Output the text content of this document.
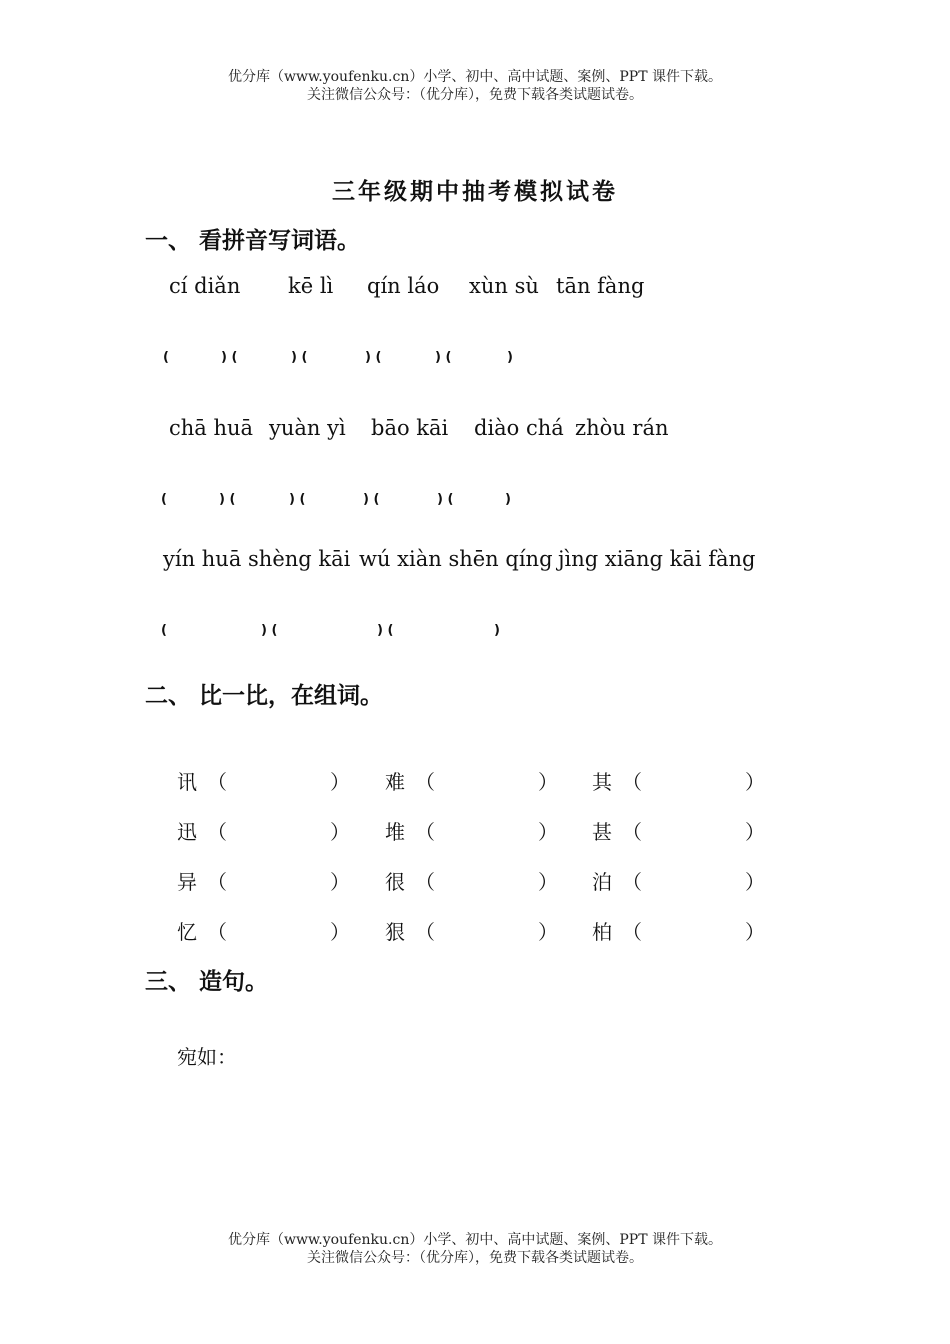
优分库（www.youfenku.cn）小学、初中、高中试题、案例、PPT 课件下载。
关注微信公众号：（优分库），免费下载各类试题试卷。
三年级期中抽考模拟试卷
一、 看拼音写词语。
cí diǎn kē lì qín láo xùn sù tān fàng
(	) (	) (	) (	) (	)
chā huā yuàn yì bāo kāi diào chá zhòu rán
(	) (	) (	) (	) (	)
yín huā shèng kāi wú xiàn shēn qíng jìng xiāng kāi fàng
(	) (	) (	)
二、 比一比，在组词。
讯 （	） 难 （	） 其 （	）
迅 （	） 堆 （	） 甚 （	）
异 （	） 很 （	） 泊 （	）
忆 （	） 狠 （	） 柏 （	）
三、 造句。
宛如：
优分库（www.youfenku.cn）小学、初中、高中试题、案例、PPT 课件下载。
关注微信公众号：（优分库），免费下载各类试题试卷。
